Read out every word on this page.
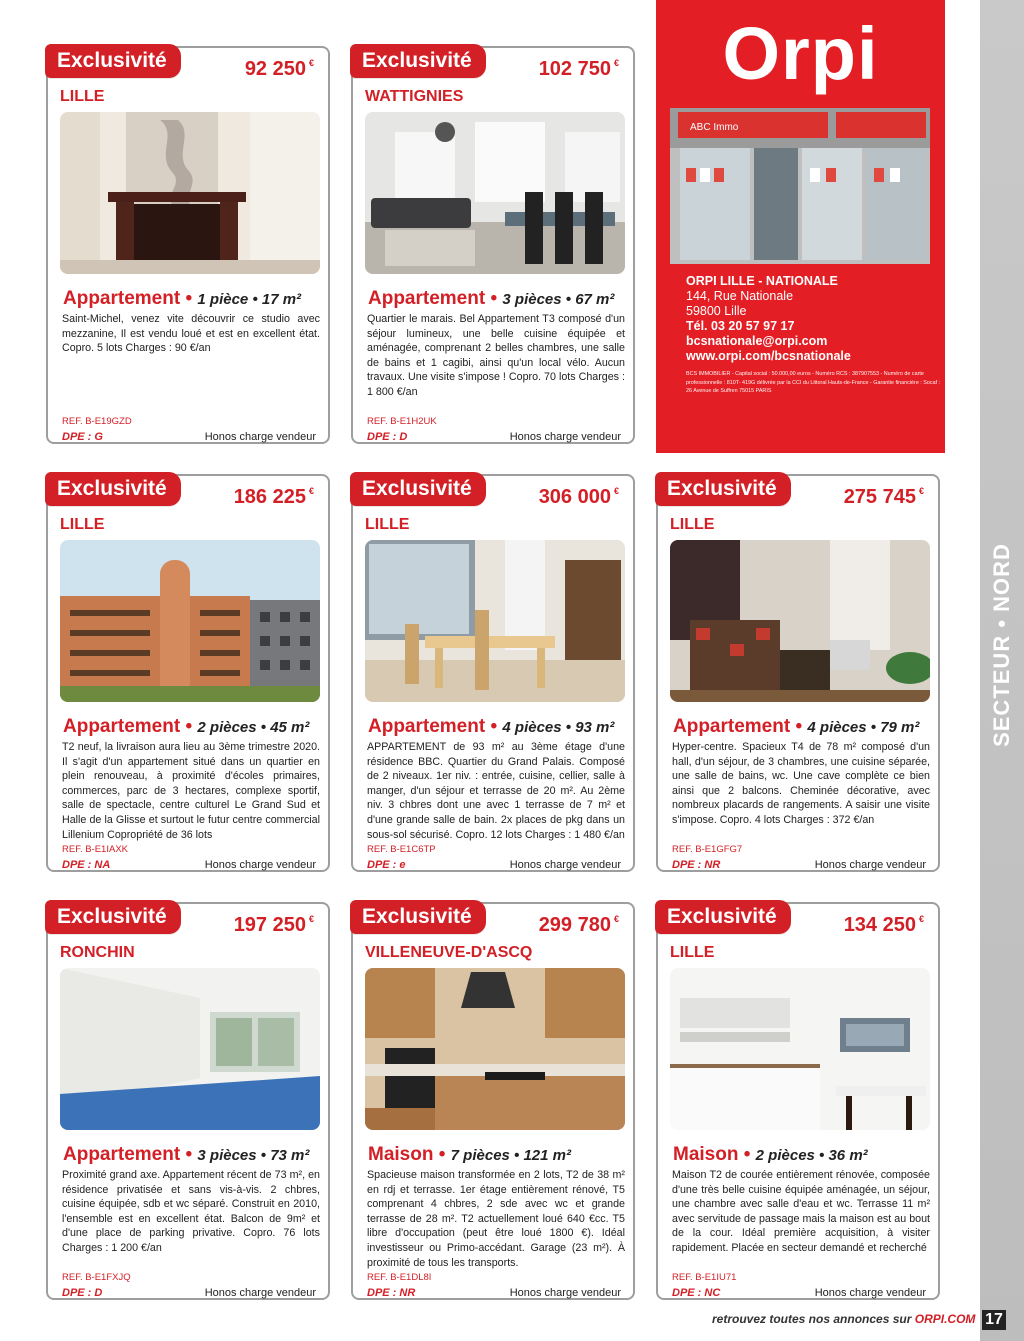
SECTEUR • NORD
Exclusivité	92 250 €
LILLE
Appartement • 1 pièce • 17 m²
Saint-Michel, venez vite découvrir ce studio avec mezzanine, Il est vendu loué et est en excellent état. Copro. 5 lots Charges : 90 €/an
REF. B-E19GZD
DPE : G	Honos charge vendeur
Exclusivité	102 750 €
WATTIGNIES
Appartement • 3 pièces • 67 m²
Quartier le marais. Bel Appartement T3 composé d'un séjour lumineux, une belle cuisine équipée et aménagée, comprenant 2 belles chambres, une salle de bains et 1 cagibi, ainsi qu'un local vélo. Aucun travaux. Une visite s'impose ! Copro. 70 lots Charges : 1 800 €/an
REF. B-E1H2UK
DPE : D	Honos charge vendeur
Orpi
ABC Immo
ORPI LILLE - NATIONALE
144, Rue Nationale
59800 Lille
Tél. 03 20 57 97 17
bcsnationale@orpi.com
www.orpi.com/bcsnationale
BCS IMMOBILIER - Capital social : 50.000,00 euros - Numéro RCS : 387907553 - Numéro de carte professionnelle : 810T- 419G délivrée par la CCI du Littoral Hauts-de-France - Garantie financière : Socaf : 26 Avenue de Suffren 75015 PARIS
Exclusivité	186 225 €
LILLE
Appartement • 2 pièces • 45 m²
T2 neuf, la livraison aura lieu au 3ème trimestre 2020. Il s'agit d'un appartement situé dans un quartier en plein renouveau, à proximité d'écoles primaires, commerces, parc de 3 hectares, complexe sportif, salle de spectacle, centre culturel Le Grand Sud et Halle de la Glisse et surtout le futur centre commercial Lillenium Copropriété de 36 lots
REF. B-E1IAXK
DPE : NA	Honos charge vendeur
Exclusivité	306 000 €
LILLE
Appartement • 4 pièces • 93 m²
APPARTEMENT de 93 m² au 3ème étage d'une résidence BBC. Quartier du Grand Palais. Composé de 2 niveaux. 1er niv. : entrée, cuisine, cellier, salle à manger, d'un séjour et terrasse de 20 m². Au 2ème niv. 3 chbres dont une avec 1 terrasse de 7 m² et d'une grande salle de bain. 2x places de pkg dans un sous-sol sécurisé. Copro. 12 lots Charges : 1 480 €/an
REF. B-E1C6TP
DPE : e	Honos charge vendeur
Exclusivité	275 745 €
LILLE
Appartement • 4 pièces • 79 m²
Hyper-centre. Spacieux T4 de 78 m² composé d'un hall, d'un séjour, de 3 chambres, une cuisine séparée, une salle de bains, wc. Une cave complète ce bien ainsi que 2 balcons. Cheminée décorative, avec nombreux placards de rangements. A saisir une visite s'impose. Copro. 4 lots Charges : 372 €/an
REF. B-E1GFG7
DPE : NR	Honos charge vendeur
Exclusivité	197 250 €
RONCHIN
Appartement • 3 pièces • 73 m²
Proximité grand axe. Appartement récent de 73 m², en résidence privatisée et sans vis-à-vis. 2 chbres, cuisine équipée, sdb et wc séparé. Construit en 2010, l'ensemble est en excellent état. Balcon de 9m² et d'une place de parking privative. Copro. 76 lots Charges : 1 200 €/an
REF. B-E1FXJQ
DPE : D	Honos charge vendeur
Exclusivité	299 780 €
VILLENEUVE-D'ASCQ
Maison • 7 pièces • 121 m²
Spacieuse maison transformée en 2 lots, T2 de 38 m² en rdj et terrasse. 1er étage entièrement rénové, T5 comprenant 4 chbres, 2 sde avec wc et grande terrasse de 28 m². T2 actuellement loué 640 €cc. T5 libre d'occupation (peut être loué 1800 €). Idéal investisseur ou Primo-accédant. Garage (23 m²). À proximité de tous les transports.
REF. B-E1DL8I
DPE : NR	Honos charge vendeur
Exclusivité	134 250 €
LILLE
Maison • 2 pièces • 36 m²
Maison T2 de courée entièrement rénovée, composée d'une très belle cuisine équipée aménagée, un séjour, une chambre avec salle d'eau et wc. Terrasse 11 m² avec servitude de passage mais la maison est au bout de la cour. Idéal première acquisition, à visiter rapidement. Placée en secteur demandé et recherché
REF. B-E1IU71
DPE : NC	Honos charge vendeur
retrouvez toutes nos annonces sur ORPI.COM 17
